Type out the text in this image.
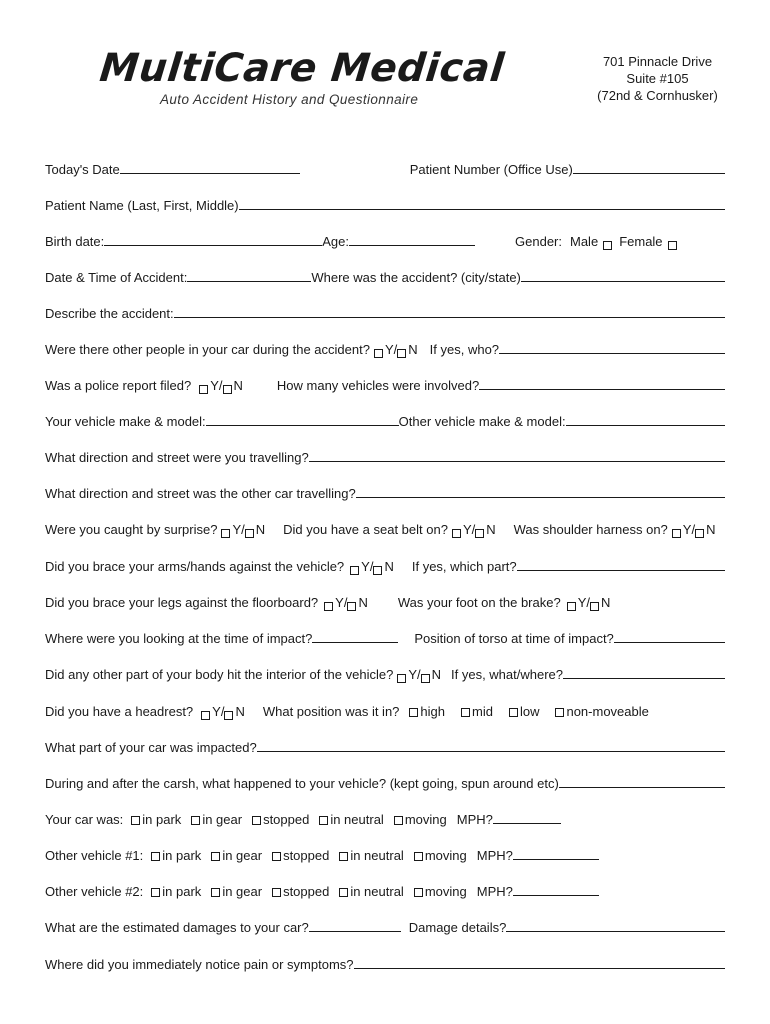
MultiCare Medical
Auto Accident History and Questionnaire
701 Pinnacle Drive
Suite #105
(72nd & Cornhusker)
Today's Date	Patient Number (Office Use)
Patient Name (Last, First, Middle)
Birth date:	Age:	Gender: Male Female
Date & Time of Accident:	Where was the accident? (city/state)
Describe the accident:
Were there other people in your car during the accident? Y/ N If yes, who?
Was a police report filed? Y/ N	How many vehicles were involved?
Your vehicle make & model:	Other vehicle make & model:
What direction and street were you travelling?
What direction and street was the other car travelling?
Were you caught by surprise? Y/ N Did you have a seat belt on? Y/ N Was shoulder harness on? Y/ N
Did you brace your arms/hands against the vehicle? Y/ N If yes, which part?
Did you brace your legs against the floorboard? Y/ N Was your foot on the brake? Y/ N
Where were you looking at the time of impact?	Position of torso at time of impact?
Did any other part of your body hit the interior of the vehicle? Y/ N If yes, what/where?
Did you have a headrest? Y/ N What position was it in? high mid low non-moveable
What part of your car was impacted?
During and after the carsh, what happened to your vehicle? (kept going, spun around etc)
Your car was: in park in gear stopped in neutral moving MPH?
Other vehicle #1: in park in gear stopped in neutral moving MPH?
Other vehicle #2: in park in gear stopped in neutral moving MPH?
What are the estimated damages to your car?	Damage details?
Where did you immediately notice pain or symptoms?
